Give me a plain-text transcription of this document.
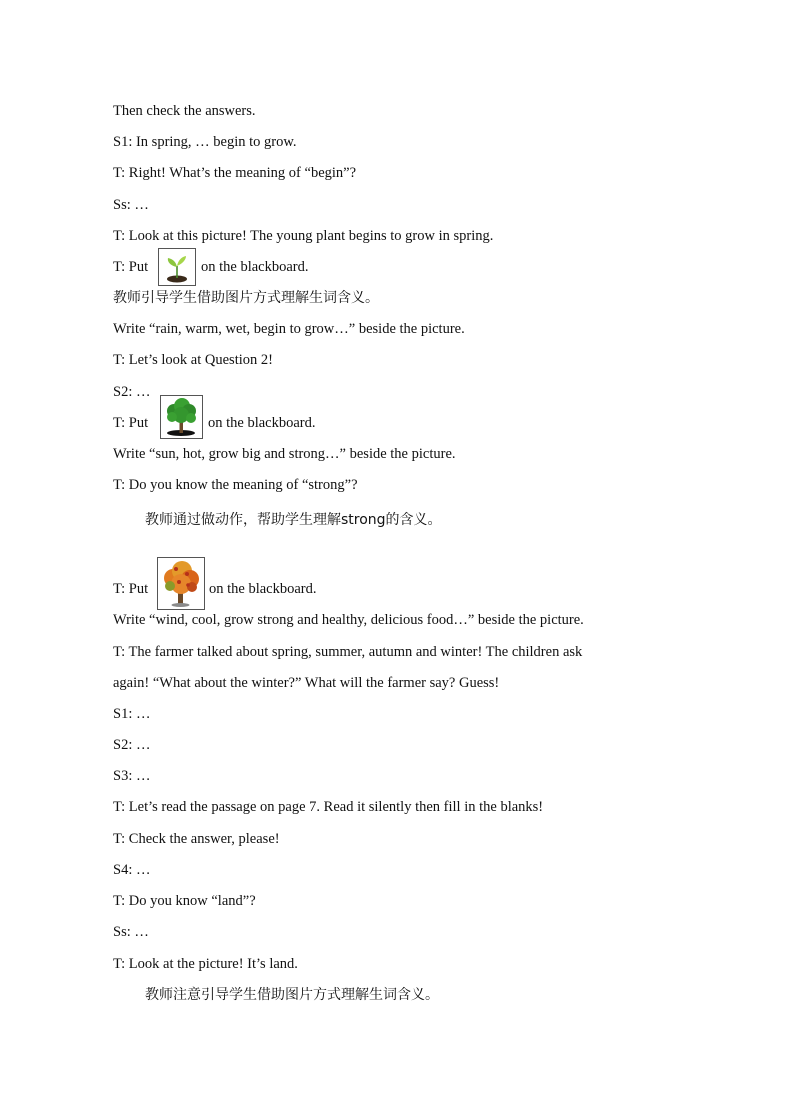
Then check the answers.
S1: In spring, … begin to grow.
T: Right! What’s the meaning of “begin”?
Ss: …
T: Look at this picture! The young plant begins to grow in spring.
T: Put	on the blackboard.
教师引导学生借助图片方式理解生词含义。
Write “rain, warm, wet, begin to grow…” beside the picture.
T: Let’s look at Question 2!
S2: …
T: Put	on the blackboard.
Write “sun, hot, grow big and strong…” beside the picture.
T: Do you know the meaning of “strong”?
教师通过做动作，帮助学生理解strong的含义。
T: Put	on the blackboard.
Write “wind, cool, grow strong and healthy, delicious food…” beside the picture.
T: The farmer talked about spring, summer, autumn and winter! The children ask
again! “What about the winter?” What will the farmer say? Guess!
S1: …
S2: …
S3: …
T: Let’s read the passage on page 7. Read it silently then fill in the blanks!
T: Check the answer, please!
S4: …
T: Do you know “land”?
Ss: …
T: Look at the picture! It’s land.
教师注意引导学生借助图片方式理解生词含义。
